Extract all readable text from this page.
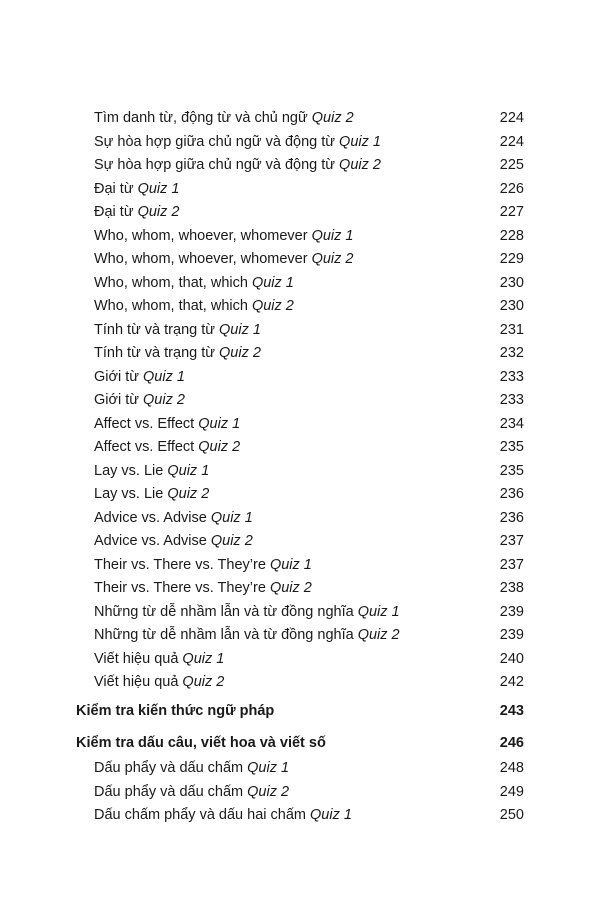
Tìm danh từ, động từ và chủ ngữ Quiz 2	224
Sự hòa hợp giữa chủ ngữ và động từ Quiz 1	224
Sự hòa hợp giữa chủ ngữ và động từ Quiz 2	225
Đại từ Quiz 1	226
Đại từ Quiz 2	227
Who, whom, whoever, whomever Quiz 1	228
Who, whom, whoever, whomever Quiz 2	229
Who, whom, that, which Quiz 1	230
Who, whom, that, which Quiz 2	230
Tính từ và trạng từ Quiz 1	231
Tính từ và trạng từ Quiz 2	232
Giới từ Quiz 1	233
Giới từ Quiz 2	233
Affect vs. Effect Quiz 1	234
Affect vs. Effect Quiz 2	235
Lay vs. Lie Quiz 1	235
Lay vs. Lie Quiz 2	236
Advice vs. Advise Quiz 1	236
Advice vs. Advise Quiz 2	237
Their vs. There vs. They’re Quiz 1	237
Their vs. There vs. They’re Quiz 2	238
Những từ dễ nhầm lẫn và từ đồng nghĩa Quiz 1	239
Những từ dễ nhầm lẫn và từ đồng nghĩa Quiz 2	239
Viết hiệu quả Quiz 1	240
Viết hiệu quả Quiz 2	242
Kiểm tra kiến thức ngữ pháp	243
Kiểm tra dấu câu, viết hoa và viết số	246
Dấu phẩy và dấu chấm Quiz 1	248
Dấu phẩy và dấu chấm Quiz 2	249
Dấu chấm phẩy và dấu hai chấm Quiz 1	250
